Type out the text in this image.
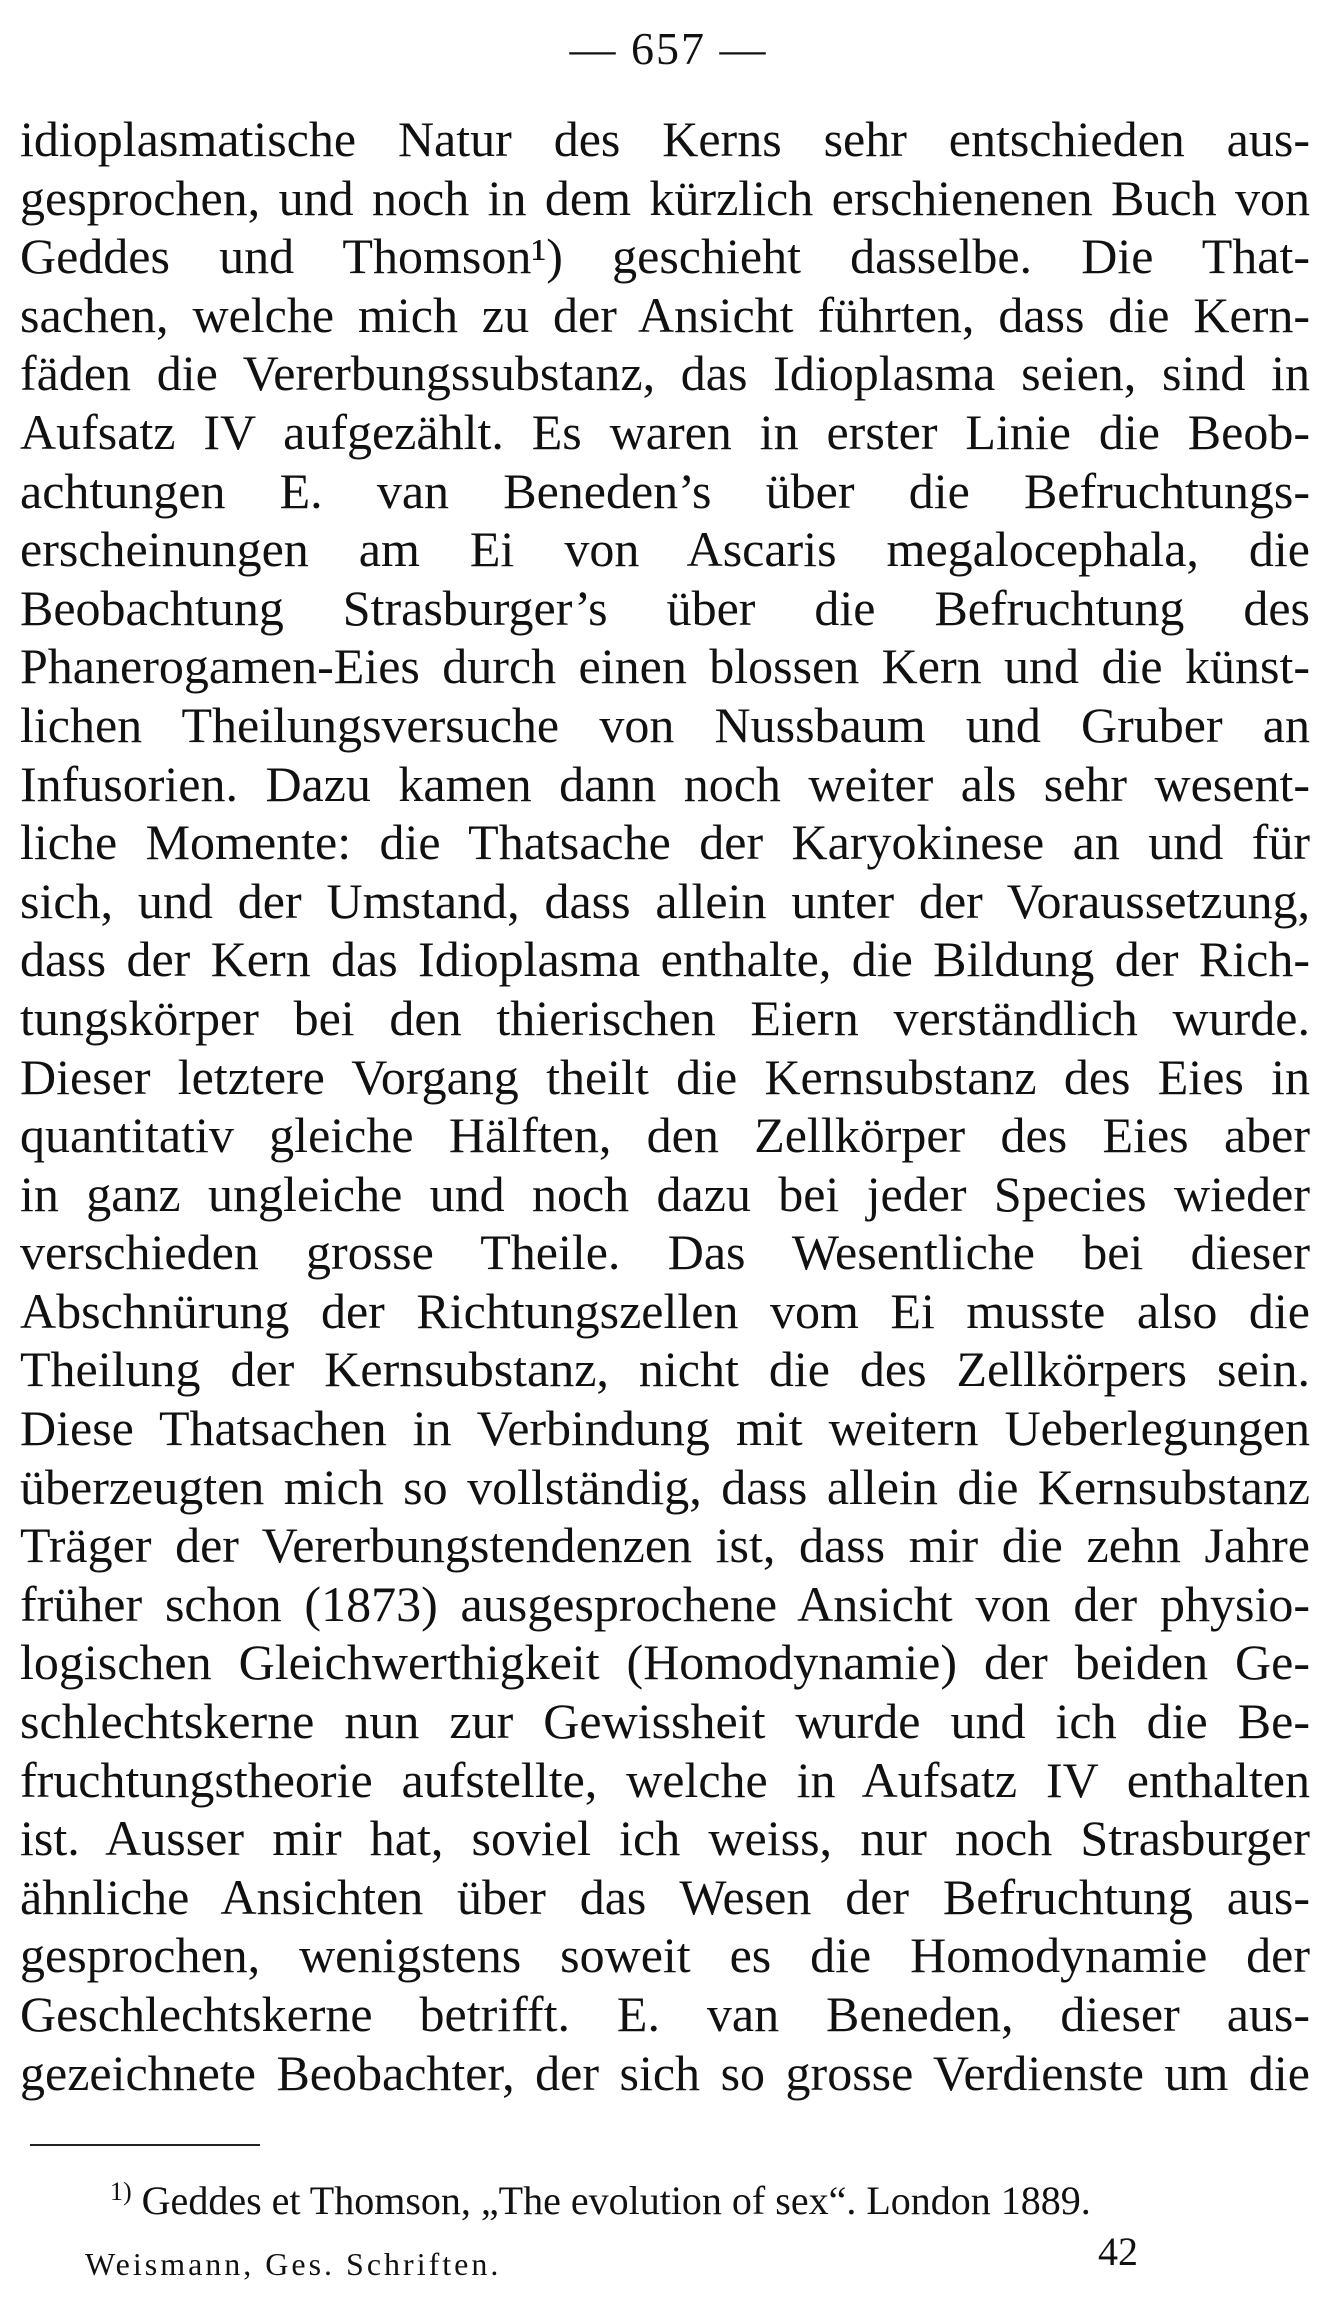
— 657 —
idioplasmatische Natur des Kerns sehr entschieden aus-
gesprochen, und noch in dem kürzlich erschienenen Buch von
Geddes und Thomson¹) geschieht dasselbe. Die That-
sachen, welche mich zu der Ansicht führten, dass die Kern-
fäden die Vererbungssubstanz, das Idioplasma seien, sind in
Aufsatz IV aufgezählt. Es waren in erster Linie die Beob-
achtungen E. van Beneden’s über die Befruchtungs-
erscheinungen am Ei von Ascaris megalocephala, die
Beobachtung Strasburger’s über die Befruchtung des
Phanerogamen-Eies durch einen blossen Kern und die künst-
lichen Theilungsversuche von Nussbaum und Gruber an
Infusorien. Dazu kamen dann noch weiter als sehr wesent-
liche Momente: die Thatsache der Karyokinese an und für
sich, und der Umstand, dass allein unter der Voraussetzung,
dass der Kern das Idioplasma enthalte, die Bildung der Rich-
tungskörper bei den thierischen Eiern verständlich wurde.
Dieser letztere Vorgang theilt die Kernsubstanz des Eies in
quantitativ gleiche Hälften, den Zellkörper des Eies aber
in ganz ungleiche und noch dazu bei jeder Species wieder
verschieden grosse Theile. Das Wesentliche bei dieser
Abschnürung der Richtungszellen vom Ei musste also die
Theilung der Kernsubstanz, nicht die des Zellkörpers sein.
Diese Thatsachen in Verbindung mit weitern Ueberlegungen
überzeugten mich so vollständig, dass allein die Kernsubstanz
Träger der Vererbungstendenzen ist, dass mir die zehn Jahre
früher schon (1873) ausgesprochene Ansicht von der physio-
logischen Gleichwerthigkeit (Homodynamie) der beiden Ge-
schlechtskerne nun zur Gewissheit wurde und ich die Be-
fruchtungstheorie aufstellte, welche in Aufsatz IV enthalten
ist. Ausser mir hat, soviel ich weiss, nur noch Strasburger
ähnliche Ansichten über das Wesen der Befruchtung aus-
gesprochen, wenigstens soweit es die Homodynamie der
Geschlechtskerne betrifft. E. van Beneden, dieser aus-
gezeichnete Beobachter, der sich so grosse Verdienste um die
$^{1)}$ Geddes et Thomson, „The evolution of sex“. London 1889.
Weismann, Ges. Schriften.	42
